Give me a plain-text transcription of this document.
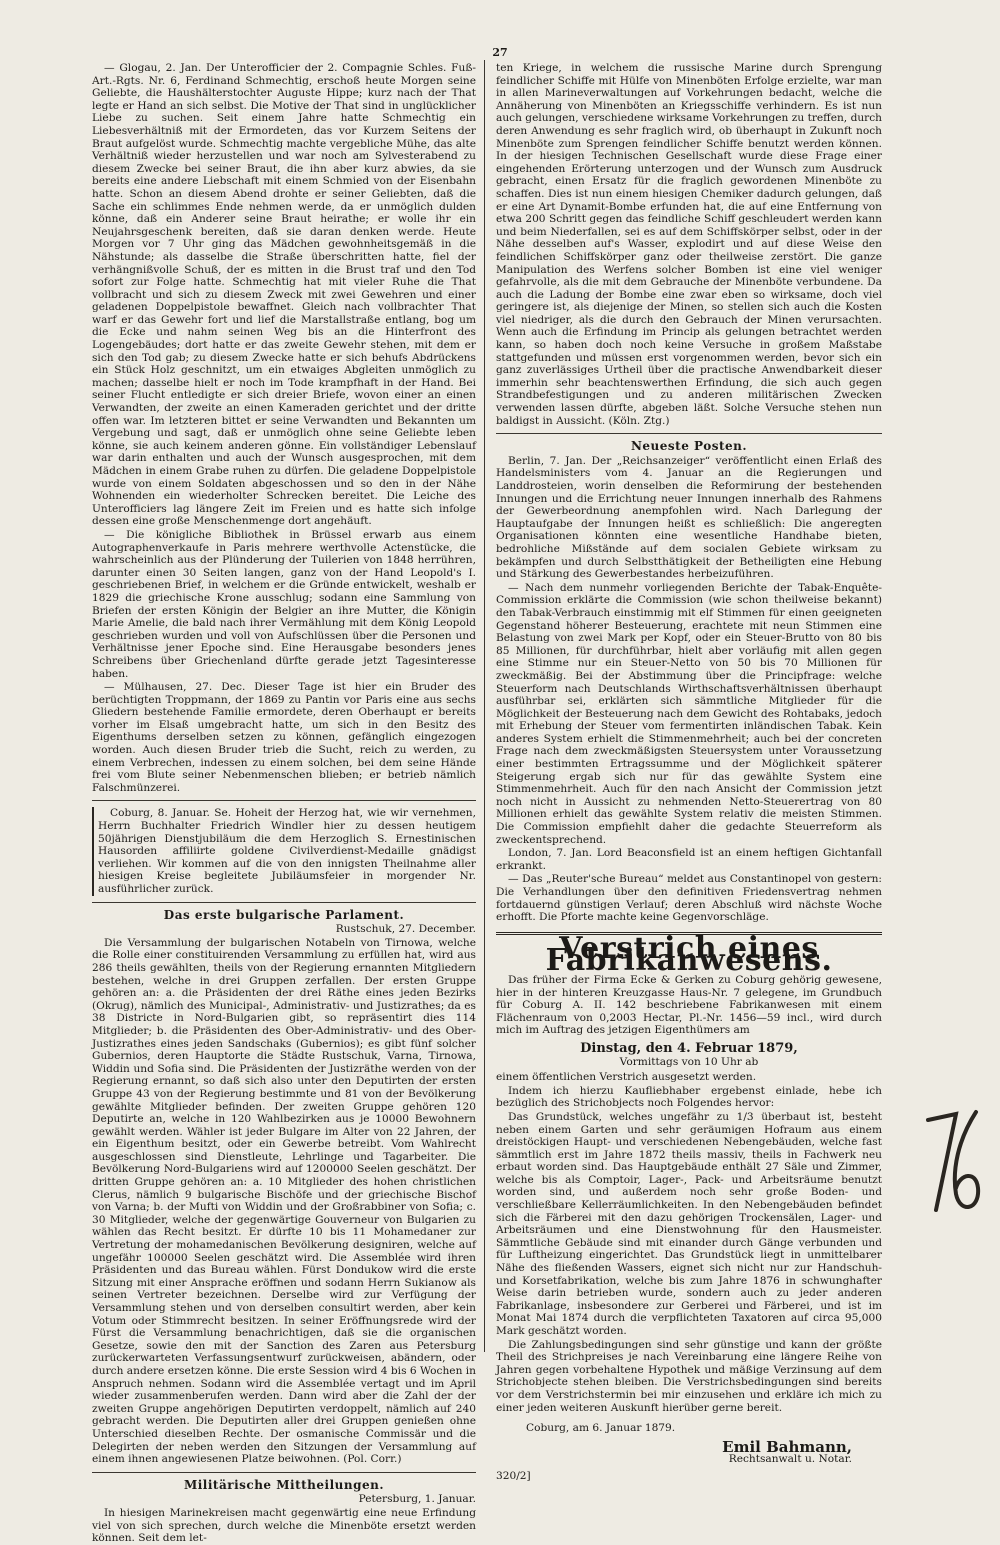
27

— Glogau, 2. Jan. Der Unterofficier der 2. Compagnie Schles. Fuß-Art.-Rgts. Nr. 6, Ferdinand Schmechtig, erschoß heute Morgen seine Geliebte, die Haushälterstochter Auguste Hippe; kurz nach der That legte er Hand an sich selbst. Die Motive der That sind in unglücklicher Liebe zu suchen. Seit einem Jahre hatte Schmechtig ein Liebesverhältniß mit der Ermordeten, das vor Kurzem Seitens der Braut aufgelöst wurde. Schmechtig machte vergebliche Mühe, das alte Verhältniß wieder herzustellen und war noch am Sylvesterabend zu diesem Zwecke bei seiner Braut, die ihn aber kurz abwies, da sie bereits eine andere Liebschaft mit einem Schmied von der Eisenbahn hatte. Schon an diesem Abend drohte er seiner Geliebten, daß die Sache ein schlimmes Ende nehmen werde, da er unmöglich dulden könne, daß ein Anderer seine Braut heirathe; er wolle ihr ein Neujahrsgeschenk bereiten, daß sie daran denken werde. Heute Morgen vor 7 Uhr ging das Mädchen gewohnheitsgemäß in die Nähstunde; als dasselbe die Straße überschritten hatte, fiel der verhängnißvolle Schuß, der es mitten in die Brust traf und den Tod sofort zur Folge hatte. Schmechtig hat mit vieler Ruhe die That vollbracht und sich zu diesem Zweck mit zwei Gewehren und einer geladenen Doppelpistole bewaffnet. Gleich nach vollbrachter That warf er das Gewehr fort und lief die Marstallstraße entlang, bog um die Ecke und nahm seinen Weg bis an die Hinterfront des Logengebäudes; dort hatte er das zweite Gewehr stehen, mit dem er sich den Tod gab; zu diesem Zwecke hatte er sich behufs Abdrückens ein Stück Holz geschnitzt, um ein etwaiges Abgleiten unmöglich zu machen; dasselbe hielt er noch im Tode krampfhaft in der Hand. Bei seiner Flucht entledigte er sich dreier Briefe, wovon einer an einen Verwandten, der zweite an einen Kameraden gerichtet und der dritte offen war. Im letzteren bittet er seine Verwandten und Bekannten um Vergebung und sagt, daß er unmöglich ohne seine Geliebte leben könne, sie auch keinem anderen gönne. Ein vollständiger Lebenslauf war darin enthalten und auch der Wunsch ausgesprochen, mit dem Mädchen in einem Grabe ruhen zu dürfen. Die geladene Doppelpistole wurde von einem Soldaten abgeschossen und so den in der Nähe Wohnenden ein wiederholter Schrecken bereitet. Die Leiche des Unterofficiers lag längere Zeit im Freien und es hatte sich infolge dessen eine große Menschenmenge dort angehäuft.

— Die königliche Bibliothek in Brüssel erwarb aus einem Autographenverkaufe in Paris mehrere werthvolle Actenstücke, die wahrscheinlich aus der Plünderung der Tuilerien von 1848 herrühren, darunter einen 30 Seiten langen, ganz von der Hand Leopold's I. geschriebenen Brief, in welchem er die Gründe entwickelt, weshalb er 1829 die griechische Krone ausschlug; sodann eine Sammlung von Briefen der ersten Königin der Belgier an ihre Mutter, die Königin Marie Amelie, die bald nach ihrer Vermählung mit dem König Leopold geschrieben wurden und voll von Aufschlüssen über die Personen und Verhältnisse jener Epoche sind. Eine Herausgabe besonders jenes Schreibens über Griechenland dürfte gerade jetzt Tagesinteresse haben.

— Mülhausen, 27. Dec. Dieser Tage ist hier ein Bruder des berüchtigten Troppmann, der 1869 zu Pantin vor Paris eine aus sechs Gliedern bestehende Familie ermordete, deren Oberhaupt er bereits vorher im Elsaß umgebracht hatte, um sich in den Besitz des Eigenthums derselben setzen zu können, gefänglich eingezogen worden. Auch diesen Bruder trieb die Sucht, reich zu werden, zu einem Verbrechen, indessen zu einem solchen, bei dem seine Hände frei vom Blute seiner Nebenmenschen blieben; er betrieb nämlich Falschmünzerei.

Coburg, 8. Januar. Se. Hoheit der Herzog hat, wie wir vernehmen, Herrn Buchhalter Friedrich Windler hier zu dessen heutigem 50jährigen Dienstjubiläum die dem Herzoglich S. Ernestinischen Hausorden affiliirte goldene Civilverdienst-Medaille gnädigst verliehen. Wir kommen auf die von den innigsten Theilnahme aller hiesigen Kreise begleitete Jubiläumsfeier in morgender Nr. ausführlicher zurück.

Das erste bulgarische Parlament.
Rustschuk, 27. December.

Die Versammlung der bulgarischen Notabeln von Tirnowa, welche die Rolle einer constituirenden Versammlung zu erfüllen hat, wird aus 286 theils gewählten, theils von der Regierung ernannten Mitgliedern bestehen, welche in drei Gruppen zerfallen. Der ersten Gruppe gehören an: a. die Präsidenten der drei Räthe eines jeden Bezirks (Okrug), nämlich des Municipal-, Administrativ- und Justizrathes; da es 38 Districte in Nord-Bulgarien gibt, so repräsentirt dies 114 Mitglieder; b. die Präsidenten des Ober-Administrativ- und des Ober-Justizrathes eines jeden Sandschaks (Gubernios); es gibt fünf solcher Gubernios, deren Hauptorte die Städte Rustschuk, Varna, Tirnowa, Widdin und Sofia sind. Die Präsidenten der Justizräthe werden von der Regierung ernannt, so daß sich also unter den Deputirten der ersten Gruppe 43 von der Regierung bestimmte und 81 von der Bevölkerung gewählte Mitglieder befinden. Der zweiten Gruppe gehören 120 Deputirte an, welche in 120 Wahlbezirken aus je 10000 Bewohnern gewählt werden. Wähler ist jeder Bulgare im Alter von 22 Jahren, der ein Eigenthum besitzt, oder ein Gewerbe betreibt. Vom Wahlrecht ausgeschlossen sind Dienstleute, Lehrlinge und Tagarbeiter. Die Bevölkerung Nord-Bulgariens wird auf 1200000 Seelen geschätzt. Der dritten Gruppe gehören an: a. 10 Mitglieder des hohen christlichen Clerus, nämlich 9 bulgarische Bischöfe und der griechische Bischof von Varna; b. der Mufti von Widdin und der Großrabbiner von Sofia; c. 30 Mitglieder, welche der gegenwärtige Gouverneur von Bulgarien zu wählen das Recht besitzt. Er dürfte 10 bis 11 Mohamedaner zur Vertretung der mohamedanischen Bevölkerung designiren, welche auf ungefähr 100000 Seelen geschätzt wird. Die Assemblée wird ihren Präsidenten und das Bureau wählen. Fürst Dondukow wird die erste Sitzung mit einer Ansprache eröffnen und sodann Herrn Sukianow als seinen Vertreter bezeichnen. Derselbe wird zur Verfügung der Versammlung stehen und von derselben consultirt werden, aber kein Votum oder Stimmrecht besitzen. In seiner Eröffnungsrede wird der Fürst die Versammlung benachrichtigen, daß sie die organischen Gesetze, sowie den mit der Sanction des Zaren aus Petersburg zurückerwarteten Verfassungsentwurf zurückweisen, abändern, oder durch andere ersetzen könne. Die erste Session wird 4 bis 6 Wochen in Anspruch nehmen. Sodann wird die Assemblée vertagt und im April wieder zusammenberufen werden. Dann wird aber die Zahl der der zweiten Gruppe angehörigen Deputirten verdoppelt, nämlich auf 240 gebracht werden. Die Deputirten aller drei Gruppen genießen ohne Unterschied dieselben Rechte. Der osmanische Commissär und die Delegirten der neben werden den Sitzungen der Versammlung auf einem ihnen angewiesenen Platze beiwohnen. (Pol. Corr.)

Militärische Mittheilungen.
Petersburg, 1. Januar.

In hiesigen Marinekreisen macht gegenwärtig eine neue Erfindung viel von sich sprechen, durch welche die Minenböte ersetzt werden können. Seit dem let-

ten Kriege, in welchem die russische Marine durch Sprengung feindlicher Schiffe mit Hülfe von Minenböten Erfolge erzielte, war man in allen Marineverwaltungen auf Vorkehrungen bedacht, welche die Annäherung von Minenböten an Kriegsschiffe verhindern. Es ist nun auch gelungen, verschiedene wirksame Vorkehrungen zu treffen, durch deren Anwendung es sehr fraglich wird, ob überhaupt in Zukunft noch Minenböte zum Sprengen feindlicher Schiffe benutzt werden können. In der hiesigen Technischen Gesellschaft wurde diese Frage einer eingehenden Erörterung unterzogen und der Wunsch zum Ausdruck gebracht, einen Ersatz für die fraglich gewordenen Minenböte zu schaffen. Dies ist nun einem hiesigen Chemiker dadurch gelungen, daß er eine Art Dynamit-Bombe erfunden hat, die auf eine Entfernung von etwa 200 Schritt gegen das feindliche Schiff geschleudert werden kann und beim Niederfallen, sei es auf dem Schiffskörper selbst, oder in der Nähe desselben auf's Wasser, explodirt und auf diese Weise den feindlichen Schiffskörper ganz oder theilweise zerstört. Die ganze Manipulation des Werfens solcher Bomben ist eine viel weniger gefahrvolle, als die mit dem Gebrauche der Minenböte verbundene. Da auch die Ladung der Bombe eine zwar eben so wirksame, doch viel geringere ist, als diejenige der Minen, so stellen sich auch die Kosten viel niedriger, als die durch den Gebrauch der Minen verursachten. Wenn auch die Erfindung im Princip als gelungen betrachtet werden kann, so haben doch noch keine Versuche in großem Maßstabe stattgefunden und müssen erst vorgenommen werden, bevor sich ein ganz zuverlässiges Urtheil über die practische Anwendbarkeit dieser immerhin sehr beachtenswerthen Erfindung, die sich auch gegen Strandbefestigungen und zu anderen militärischen Zwecken verwenden lassen dürfte, abgeben läßt. Solche Versuche stehen nun baldigst in Aussicht. (Köln. Ztg.)

Neueste Posten.

Berlin, 7. Jan. Der „Reichsanzeiger“ veröffentlicht einen Erlaß des Handelsministers vom 4. Januar an die Regierungen und Landdrosteien, worin denselben die Reformirung der bestehenden Innungen und die Errichtung neuer Innungen innerhalb des Rahmens der Gewerbeordnung anempfohlen wird. Nach Darlegung der Hauptaufgabe der Innungen heißt es schließlich: Die angeregten Organisationen könnten eine wesentliche Handhabe bieten, bedrohliche Mißstände auf dem socialen Gebiete wirksam zu bekämpfen und durch Selbstthätigkeit der Betheiligten eine Hebung und Stärkung des Gewerbestandes herbeizuführen.

— Nach dem nunmehr vorliegenden Berichte der Tabak-Enquête-Commission erklärte die Commission (wie schon theilweise bekannt) den Tabak-Verbrauch einstimmig mit elf Stimmen für einen geeigneten Gegenstand höherer Besteuerung, erachtete mit neun Stimmen eine Belastung von zwei Mark per Kopf, oder ein Steuer-Brutto von 80 bis 85 Millionen, für durchführbar, hielt aber vorläufig mit allen gegen eine Stimme nur ein Steuer-Netto von 50 bis 70 Millionen für zweckmäßig. Bei der Abstimmung über die Principfrage: welche Steuerform nach Deutschlands Wirthschaftsverhältnissen überhaupt ausführbar sei, erklärten sich sämmtliche Mitglieder für die Möglichkeit der Besteuerung nach dem Gewicht des Rohtabaks, jedoch mit Erhebung der Steuer vom fermentirten inländischen Tabak. Kein anderes System erhielt die Stimmenmehrheit; auch bei der concreten Frage nach dem zweckmäßigsten Steuersystem unter Voraussetzung einer bestimmten Ertragssumme und der Möglichkeit späterer Steigerung ergab sich nur für das gewählte System eine Stimmenmehrheit. Auch für den nach Ansicht der Commission jetzt noch nicht in Aussicht zu nehmenden Netto-Steuerertrag von 80 Millionen erhielt das gewählte System relativ die meisten Stimmen. Die Commission empfiehlt daher die gedachte Steuerreform als zweckentsprechend.

London, 7. Jan. Lord Beaconsfield ist an einem heftigen Gichtanfall erkrankt.

— Das „Reuter'sche Bureau“ meldet aus Constantinopel von gestern: Die Verhandlungen über den definitiven Friedensvertrag nehmen fortdauernd günstigen Verlauf; deren Abschluß wird nächste Woche erhofft. Die Pforte machte keine Gegenvorschläge.

Verstrich eines Fabrikanwesens.

Das früher der Firma Ecke & Gerken zu Coburg gehörig gewesene, hier in der hinteren Kreuzgasse Haus-Nr. 7 gelegene, im Grundbuch für Coburg A. II. 142 beschriebene Fabrikanwesen mit einem Flächenraum von 0,2003 Hectar, Pl.-Nr. 1456—59 incl., wird durch mich im Auftrag des jetzigen Eigenthümers am

Dinstag, den 4. Februar 1879,
Vormittags von 10 Uhr ab

einem öffentlichen Verstrich ausgesetzt werden.

Indem ich hierzu Kaufliebhaber ergebenst einlade, hebe ich bezüglich des Strichobjects noch Folgendes hervor:

Das Grundstück, welches ungefähr zu 1/3 überbaut ist, besteht neben einem Garten und sehr geräumigen Hofraum aus einem dreistöckigen Haupt- und verschiedenen Nebengebäuden, welche fast sämmtlich erst im Jahre 1872 theils massiv, theils in Fachwerk neu erbaut worden sind. Das Hauptgebäude enthält 27 Säle und Zimmer, welche bis als Comptoir, Lager-, Pack- und Arbeitsräume benutzt worden sind, und außerdem noch sehr große Boden- und verschließbare Kellerräumlichkeiten. In den Nebengebäuden befindet sich die Färberei mit den dazu gehörigen Trockensälen, Lager- und Arbeitsräumen und eine Dienstwohnung für den Hausmeister. Sämmtliche Gebäude sind mit einander durch Gänge verbunden und für Luftheizung eingerichtet. Das Grundstück liegt in unmittelbarer Nähe des fließenden Wassers, eignet sich nicht nur zur Handschuh- und Korsetfabrikation, welche bis zum Jahre 1876 in schwunghafter Weise darin betrieben wurde, sondern auch zu jeder anderen Fabrikanlage, insbesondere zur Gerberei und Färberei, und ist im Monat Mai 1874 durch die verpflichteten Taxatoren auf circa 95,000 Mark geschätzt worden.

Die Zahlungsbedingungen sind sehr günstige und kann der größte Theil des Strichpreises je nach Vereinbarung eine längere Reihe von Jahren gegen vorbehaltene Hypothek und mäßige Verzinsung auf dem Strichobjecte stehen bleiben. Die Verstrichsbedingungen sind bereits vor dem Verstrichstermin bei mir einzusehen und erkläre ich mich zu einer jeden weiteren Auskunft hierüber gerne bereit.

Coburg, am 6. Januar 1879.
Emil Bahmann,
Rechtsanwalt u. Notar.
320/2]
